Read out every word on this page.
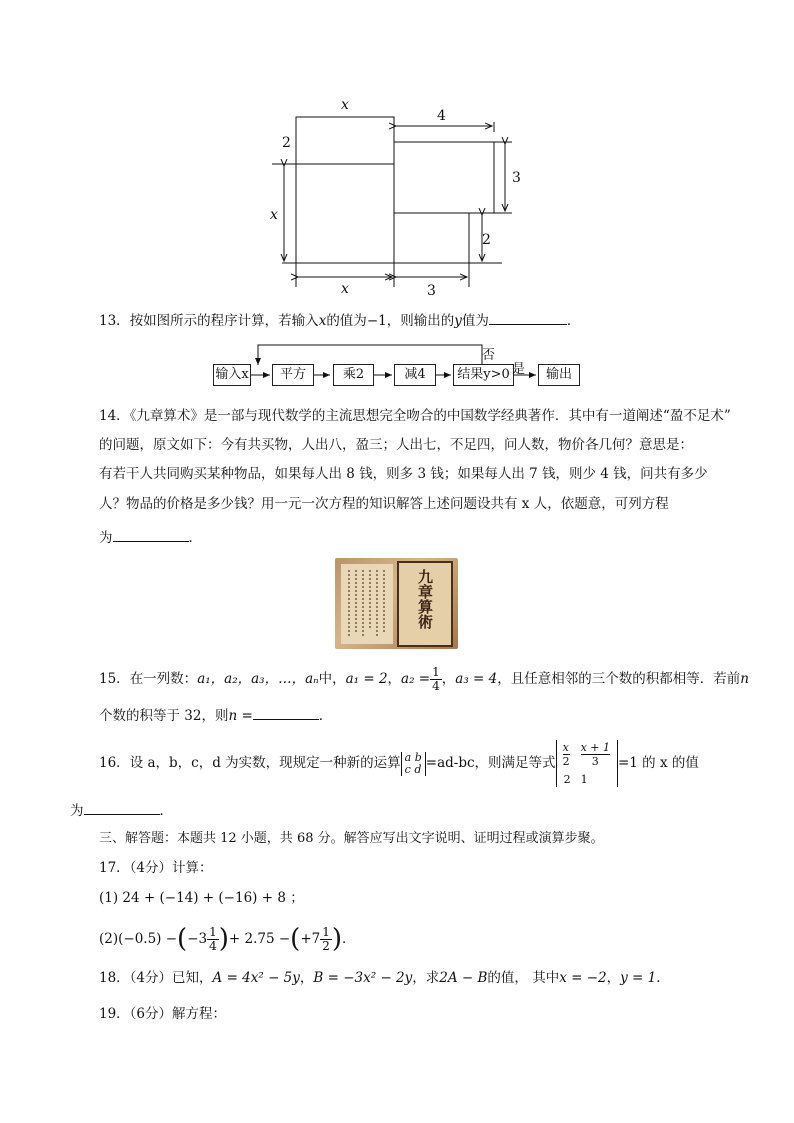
x
4
2
3
x
2
x	3
13．按如图所示的程序计算，若输入x的值为−1，则输出的y值为	．
输入x	平方	乘2	减4	结果y>0	输出
否
是
14．《九章算术》是一部与现代数学的主流思想完全吻合的中国数学经典著作．其中有一道阐述“盈不足术”
的问题，原文如下：今有共买物，人出八，盈三；人出七，不足四，问人数，物价各几何？意思是：
有若干人共同购买某种物品，如果每人出 8 钱，则多 3 钱；如果每人出 7 钱，则少 4 钱，问共有多少
人？物品的价格是多少钱？用一元一次方程的知识解答上述问题设共有 x 人，依题意，可列方程
为	．
九章算術
15．在一列数：a₁，a₂，a₃，…，aₙ中，a₁ = 2，$a_2 = \frac{1}{4}$ ，a₃ = 4，且任意相邻的三个数的积都相等．若前n
个数的积等于 32，则n =	．
16．设 a，b，c，d 为实数，现规定一种新的运算 a b
c d =ad-bc，则满足等式
x
2	x + 1
3

2	1
=1 的 x 的值
为	．
三、解答题：本题共 12 小题，共 68 分。解答应写出文字说明、证明过程或演算步聚。
17．（4分）计算：
(1) 24 + (−14) + (−16) + 8 ；
$(2)(-0.5) -(-3 \frac{1}{4}$ )+ $2.75 -(+7 \frac{1}{2}$ )．
18．（4分）已知，A = 4x² − 5y，B = −3x² − 2y，求2A − B的值， 其中x = −2，y = 1．
19．（6分）解方程：
